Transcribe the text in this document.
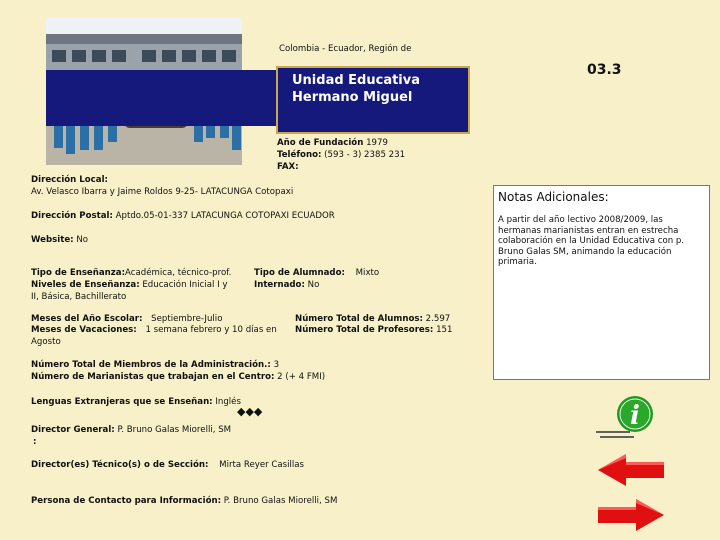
Unidad Educativa
Hermano Miguel
Colombia - Ecuador, Región de
03.3
Año de Fundación 1979
Teléfono: (593 - 3) 2385 231
FAX:
Dirección Local:
Av. Velasco Ibarra y Jaime Roldos 9-25- LATACUNGA Cotopaxi
Dirección Postal: Aptdo.05-01-337 LATACUNGA COTOPAXI ECUADOR
Website: No
Tipo de Enseñanza:Académica, técnico-prof.
Niveles de Enseñanza: Educación Inicial I y
II, Básica, Bachillerato
Tipo de Alumnado: Mixto
Internado: No
Meses del Año Escolar: Septiembre-Julio
Meses de Vacaciones: 1 semana febrero y 10 días en
Agosto
Número Total de Alumnos: 2.597
Número Total de Profesores: 151
Número Total de Miembros de la Administración.: 3
Número de Marianistas que trabajan en el Centro: 2 (+ 4 FMI)
Lenguas Extranjeras que se Enseñan: Inglés
◆◆◆
Director General: P. Bruno Galas Miorelli, SM
:
Director(es) Técnico(s) o de Sección: Mirta Reyer Casillas
Persona de Contacto para Información: P. Bruno Galas Miorelli, SM
Notas Adicionales:
A partir del año lectivo 2008/2009, las hermanas marianistas entran en estrecha colaboración en la Unidad Educativa con p. Bruno Galas SM, animando la educación primaria.
i
